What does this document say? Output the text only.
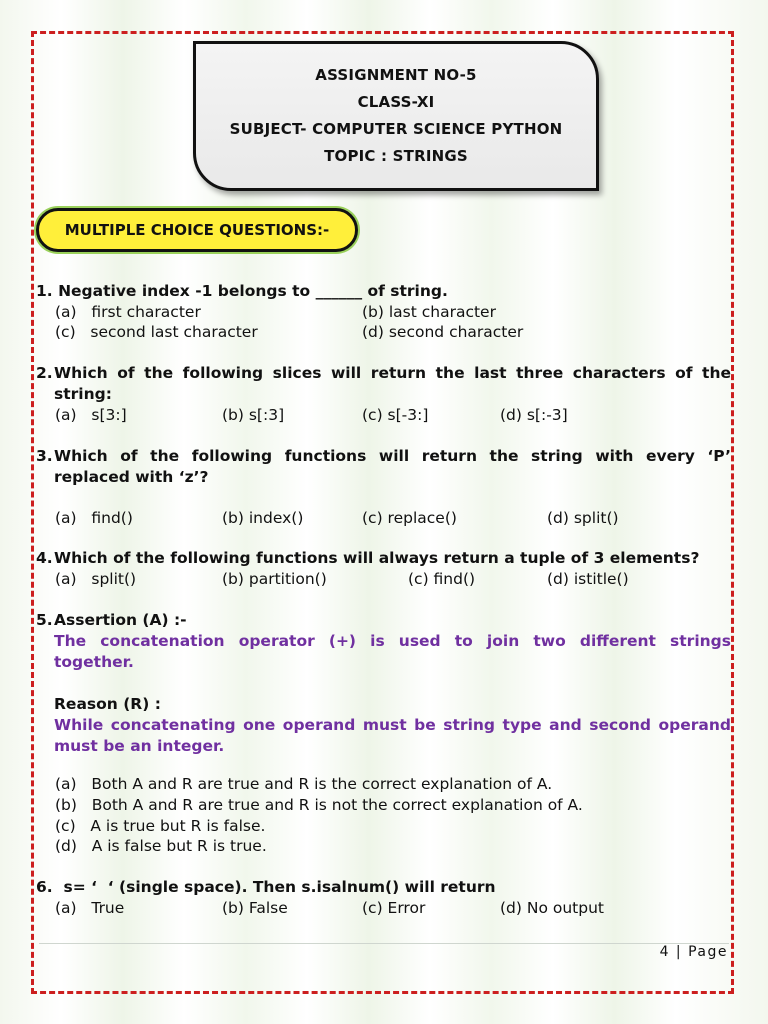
ASSIGNMENT NO-5
CLASS-XI
SUBJECT- COMPUTER SCIENCE PYTHON
TOPIC : STRINGS
MULTIPLE CHOICE QUESTIONS:-
1. Negative index -1 belongs to ______ of string.
(a)   first character	(b) last character
(c)   second last character	(d) second character
2. Which of the following slices will return the last three characters of the
string:
(a)   s[3:]	(b) s[:3]	(c) s[-3:]	(d) s[:-3]
3. Which of the following functions will return the string with every ‘P’
replaced with ‘z’?
(a)   find()	(b) index()	(c) replace()	(d) split()
4. Which of the following functions will always return a tuple of 3 elements?
(a)   split()	(b) partition()	(c) find()	(d) istitle()
5. Assertion (A) :-
The concatenation operator (+) is used to join two different strings
together.
Reason (R) :
While concatenating one operand must be string type and second operand
must be an integer.
(a)   Both A and R are true and R is the correct explanation of A.
(b)   Both A and R are true and R is not the correct explanation of A.
(c)   A is true but R is false.
(d)   A is false but R is true.
6.  s= ‘  ‘ (single space). Then s.isalnum() will return
(a)   True	(b) False	(c) Error	(d) No output
4 | Page
